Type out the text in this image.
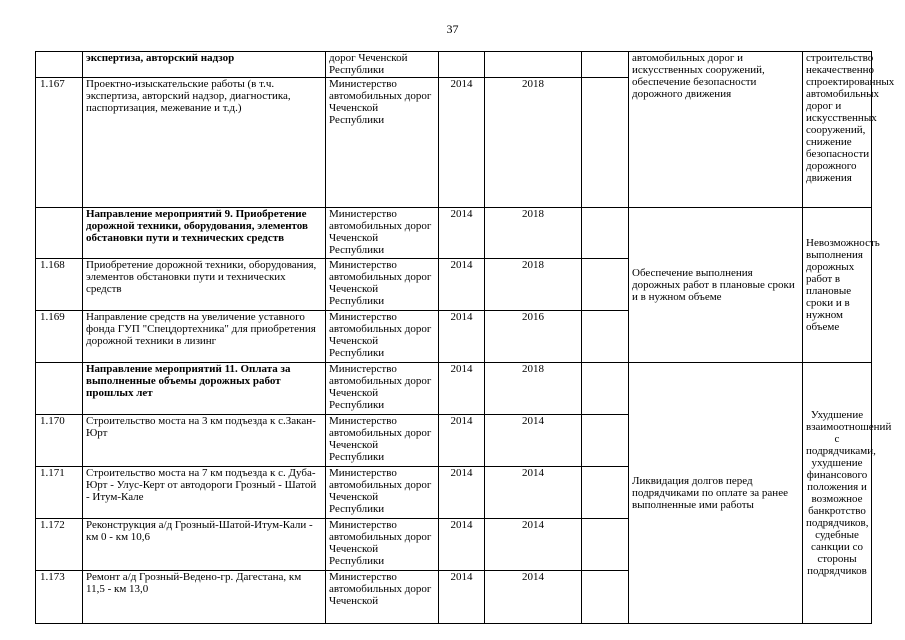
37
	экспертиза, авторский надзор	дорог Чеченской Республики				автомобильных дорог и искусственных сооружений, обеспечение безопасности дорожного движения	строительство некачественно спроектированных автомобильных дорог и искусственных сооружений, снижение безопасности дорожного движения
1.167	Проектно-изыскательские работы (в т.ч. экспертиза, авторский надзор, диагностика, паспортизация, межевание и т.д.)	Министерство автомобильных дорог Чеченской Республики	2014	2018			
	Направление мероприятий 9. Приобретение дорожной техники, оборудования, элементов обстановки пути и технических средств	Министерство автомобильных дорог Чеченской Республики	2014	2018		Обеспечение выполнения дорожных работ в плановые сроки и в нужном объеме	Невозможность выполнения дорожных работ в плановые сроки и в нужном объеме
1.168	Приобретение дорожной техники, оборудования, элементов обстановки пути и технических средств	Министерство автомобильных дорог Чеченской Республики	2014	2018			
1.169	Направление средств на увеличение уставного фонда ГУП "Спецдортехника" для приобретения дорожной техники в лизинг	Министерство автомобильных дорог Чеченской Республики	2014	2016			
	Направление мероприятий 11. Оплата за выполненные объемы дорожных работ прошлых лет	Министерство автомобильных дорог Чеченской Республики	2014	2018		Ликвидация долгов перед подрядчиками по оплате за ранее выполненные ими работы	Ухудшение взаимоотношений с подрядчиками, ухудшение финансового положения и возможное банкротство подрядчиков, судебные санкции со стороны подрядчиков
1.170	Строительство моста на 3 км подъезда к с.Закан-Юрт	Министерство автомобильных дорог Чеченской Республики	2014	2014			
1.171	Строительство моста на 7 км подъезда к с. Дуба-Юрт - Улус-Керт от автодороги Грозный - Шатой - Итум-Кале	Министерство автомобильных дорог Чеченской Республики	2014	2014			
1.172	Реконструкция а/д Грозный-Шатой-Итум-Кали - км 0 - км 10,6	Министерство автомобильных дорог Чеченской Республики	2014	2014			
1.173	Ремонт а/д Грозный-Ведено-гр. Дагестана, км 11,5 - км 13,0	Министерство автомобильных дорог Чеченской	2014	2014			
